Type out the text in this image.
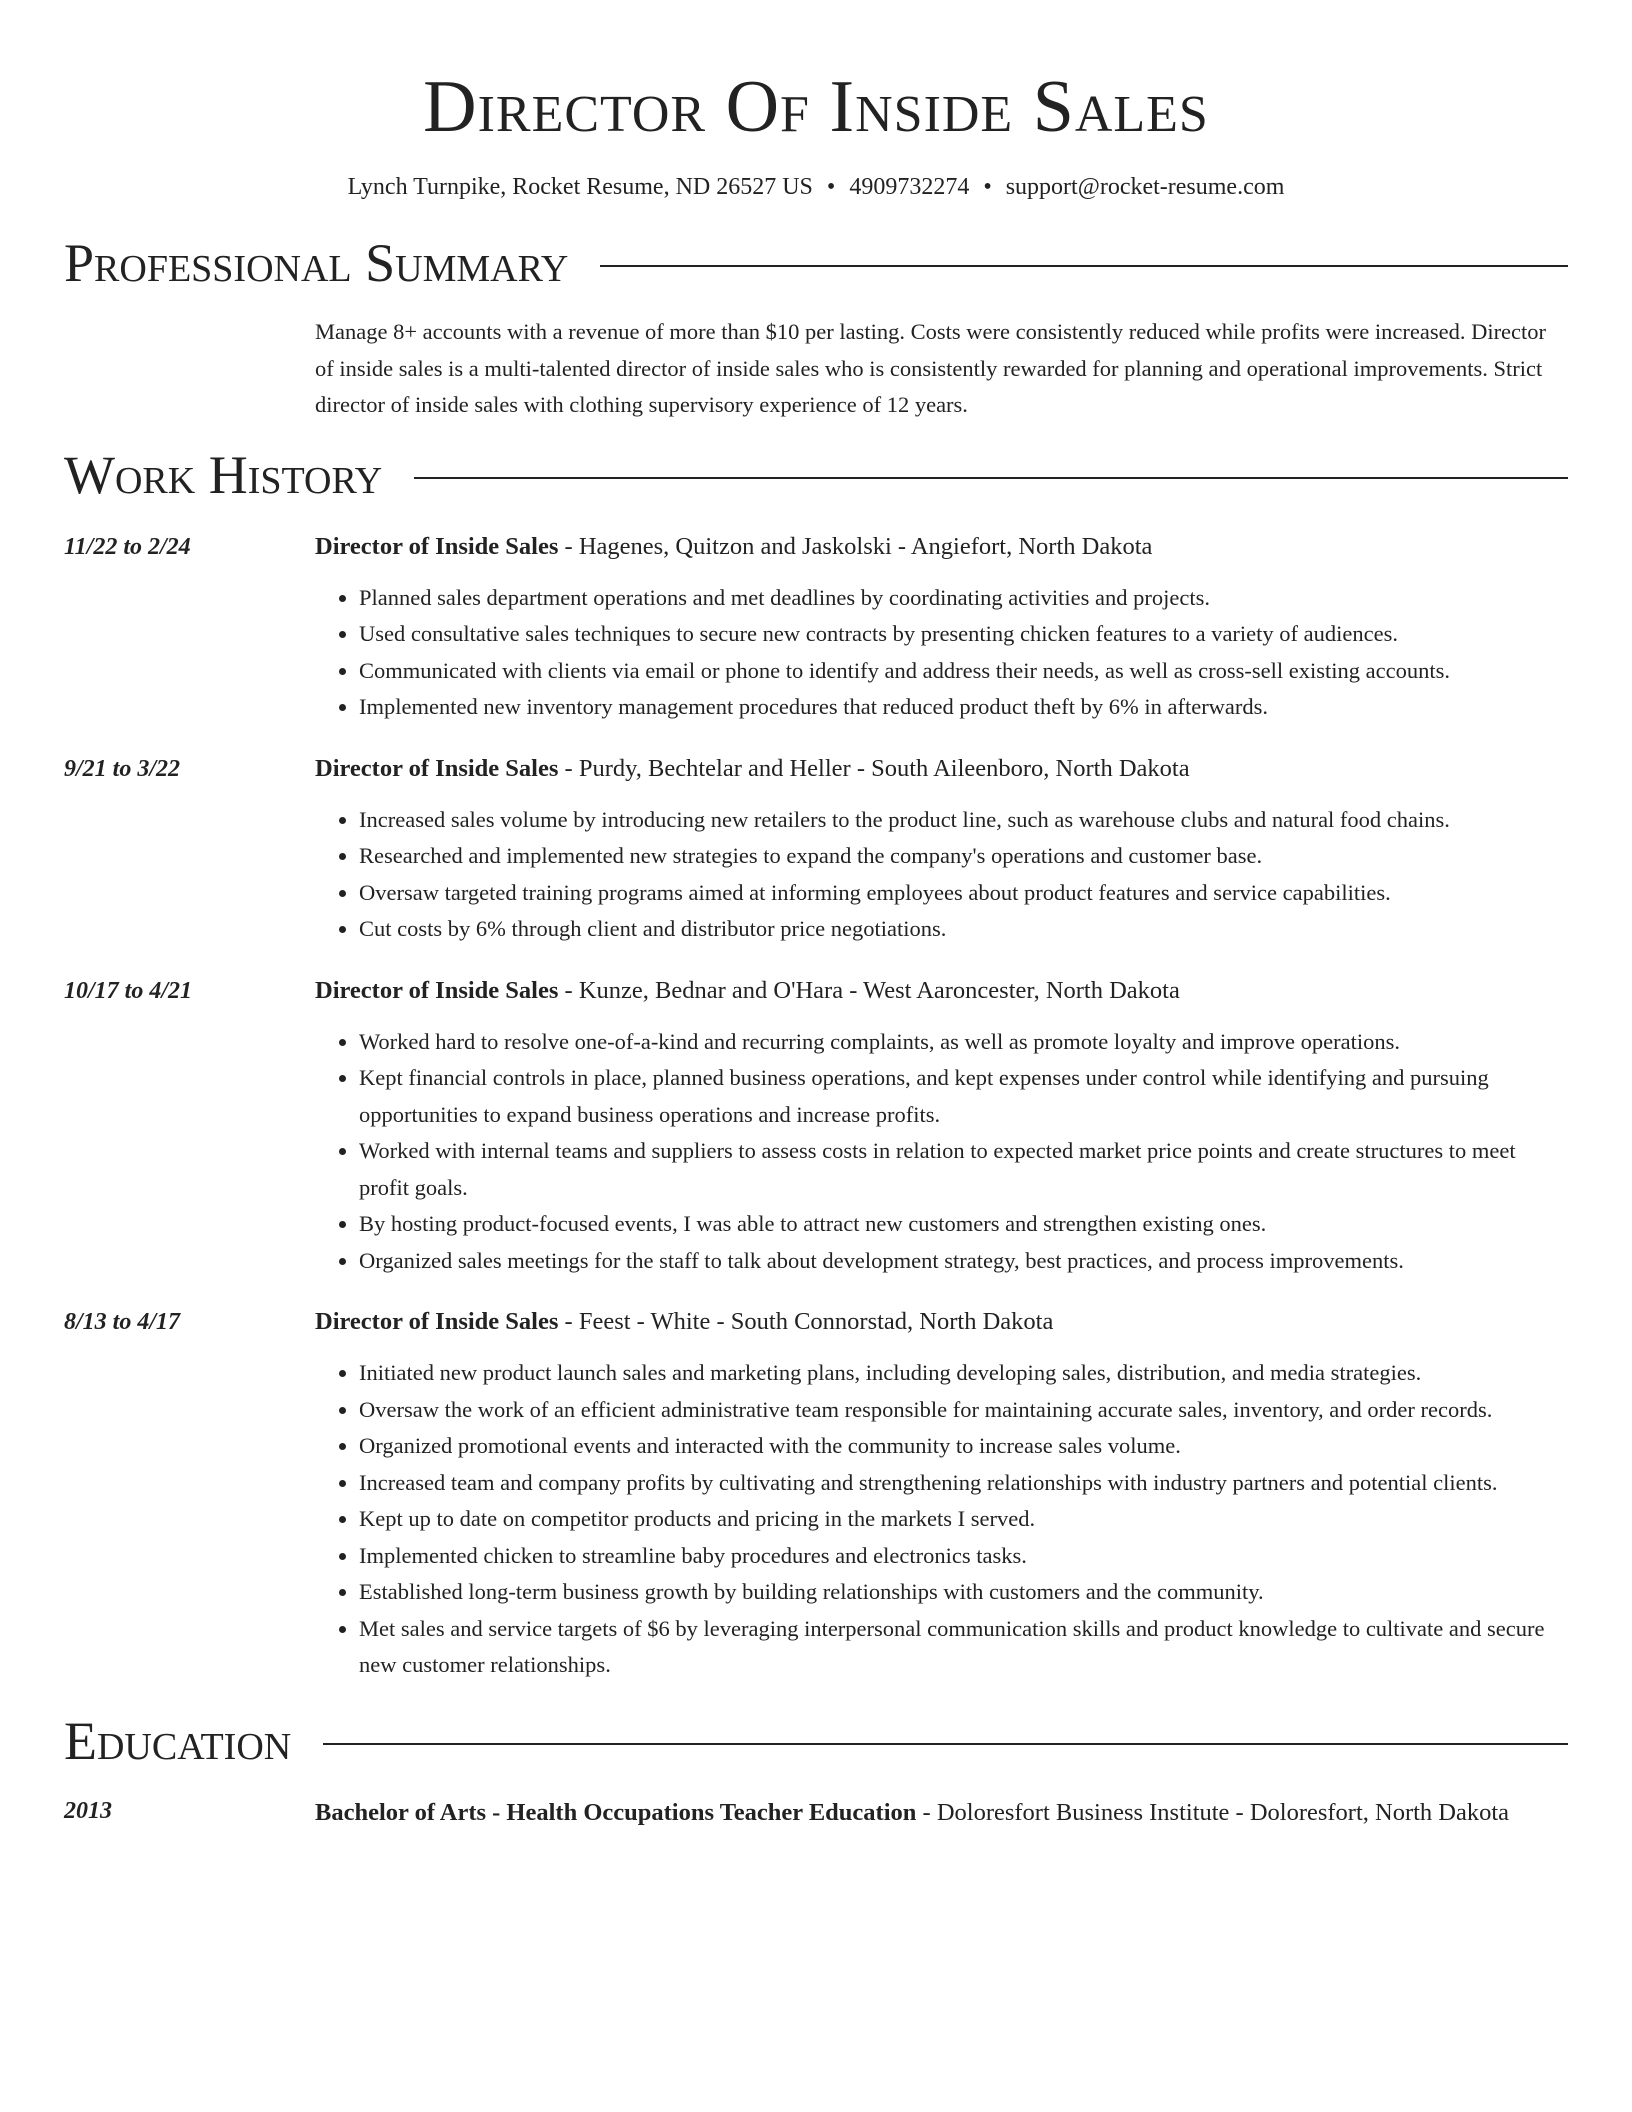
Director Of Inside Sales
Lynch Turnpike, Rocket Resume, ND 26527 US • 4909732274 • support@rocket-resume.com
Professional Summary
Manage 8+ accounts with a revenue of more than $10 per lasting. Costs were consistently reduced while profits were increased. Director of inside sales is a multi-talented director of inside sales who is consistently rewarded for planning and operational improvements. Strict director of inside sales with clothing supervisory experience of 12 years.
Work History
11/22 to 2/24	Director of Inside Sales - Hagenes, Quitzon and Jaskolski - Angiefort, North Dakota
• Planned sales department operations and met deadlines by coordinating activities and projects.
• Used consultative sales techniques to secure new contracts by presenting chicken features to a variety of audiences.
• Communicated with clients via email or phone to identify and address their needs, as well as cross-sell existing accounts.
• Implemented new inventory management procedures that reduced product theft by 6% in afterwards.
9/21 to 3/22	Director of Inside Sales - Purdy, Bechtelar and Heller - South Aileenboro, North Dakota
• Increased sales volume by introducing new retailers to the product line, such as warehouse clubs and natural food chains.
• Researched and implemented new strategies to expand the company's operations and customer base.
• Oversaw targeted training programs aimed at informing employees about product features and service capabilities.
• Cut costs by 6% through client and distributor price negotiations.
10/17 to 4/21	Director of Inside Sales - Kunze, Bednar and O'Hara - West Aaroncester, North Dakota
• Worked hard to resolve one-of-a-kind and recurring complaints, as well as promote loyalty and improve operations.
• Kept financial controls in place, planned business operations, and kept expenses under control while identifying and pursuing opportunities to expand business operations and increase profits.
• Worked with internal teams and suppliers to assess costs in relation to expected market price points and create structures to meet profit goals.
• By hosting product-focused events, I was able to attract new customers and strengthen existing ones.
• Organized sales meetings for the staff to talk about development strategy, best practices, and process improvements.
8/13 to 4/17	Director of Inside Sales - Feest - White - South Connorstad, North Dakota
• Initiated new product launch sales and marketing plans, including developing sales, distribution, and media strategies.
• Oversaw the work of an efficient administrative team responsible for maintaining accurate sales, inventory, and order records.
• Organized promotional events and interacted with the community to increase sales volume.
• Increased team and company profits by cultivating and strengthening relationships with industry partners and potential clients.
• Kept up to date on competitor products and pricing in the markets I served.
• Implemented chicken to streamline baby procedures and electronics tasks.
• Established long-term business growth by building relationships with customers and the community.
• Met sales and service targets of $6 by leveraging interpersonal communication skills and product knowledge to cultivate and secure new customer relationships.
Education
2013	Bachelor of Arts - Health Occupations Teacher Education - Doloresfort Business Institute - Doloresfort, North Dakota
